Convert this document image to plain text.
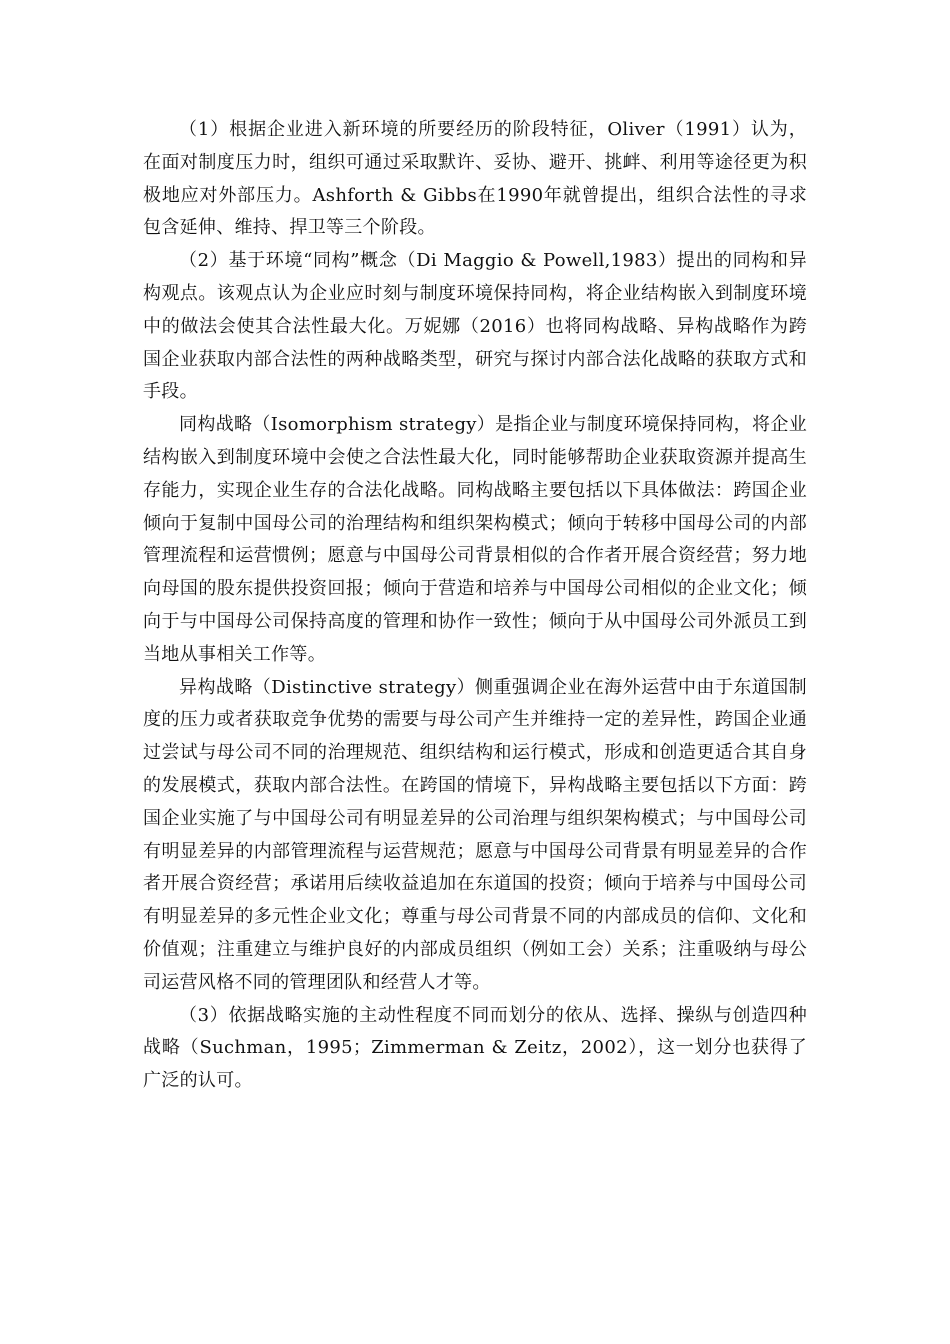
（1）根据企业进入新环境的所要经历的阶段特征，Oliver（1991）认为，在面对制度压力时，组织可通过采取默许、妥协、避开、挑衅、利用等途径更为积极地应对外部压力。Ashforth & Gibbs在1990年就曾提出，组织合法性的寻求包含延伸、维持、捍卫等三个阶段。

（2）基于环境“同构”概念（Di Maggio & Powell,1983）提出的同构和异构观点。该观点认为企业应时刻与制度环境保持同构，将企业结构嵌入到制度环境中的做法会使其合法性最大化。万妮娜（2016）也将同构战略、异构战略作为跨国企业获取内部合法性的两种战略类型，研究与探讨内部合法化战略的获取方式和手段。

同构战略（Isomorphism strategy）是指企业与制度环境保持同构，将企业结构嵌入到制度环境中会使之合法性最大化，同时能够帮助企业获取资源并提高生存能力，实现企业生存的合法化战略。同构战略主要包括以下具体做法：跨国企业倾向于复制中国母公司的治理结构和组织架构模式；倾向于转移中国母公司的内部管理流程和运营惯例；愿意与中国母公司背景相似的合作者开展合资经营；努力地向母国的股东提供投资回报；倾向于营造和培养与中国母公司相似的企业文化；倾向于与中国母公司保持高度的管理和协作一致性；倾向于从中国母公司外派员工到当地从事相关工作等。

异构战略（Distinctive strategy）侧重强调企业在海外运营中由于东道国制度的压力或者获取竞争优势的需要与母公司产生并维持一定的差异性，跨国企业通过尝试与母公司不同的治理规范、组织结构和运行模式，形成和创造更适合其自身的发展模式，获取内部合法性。在跨国的情境下，异构战略主要包括以下方面：跨国企业实施了与中国母公司有明显差异的公司治理与组织架构模式；与中国母公司有明显差异的内部管理流程与运营规范；愿意与中国母公司背景有明显差异的合作者开展合资经营；承诺用后续收益追加在东道国的投资；倾向于培养与中国母公司有明显差异的多元性企业文化；尊重与母公司背景不同的内部成员的信仰、文化和价值观；注重建立与维护良好的内部成员组织（例如工会）关系；注重吸纳与母公司运营风格不同的管理团队和经营人才等。

（3）依据战略实施的主动性程度不同而划分的依从、选择、操纵与创造四种战略（Suchman，1995；Zimmerman & Zeitz，2002），这一划分也获得了广泛的认可。
